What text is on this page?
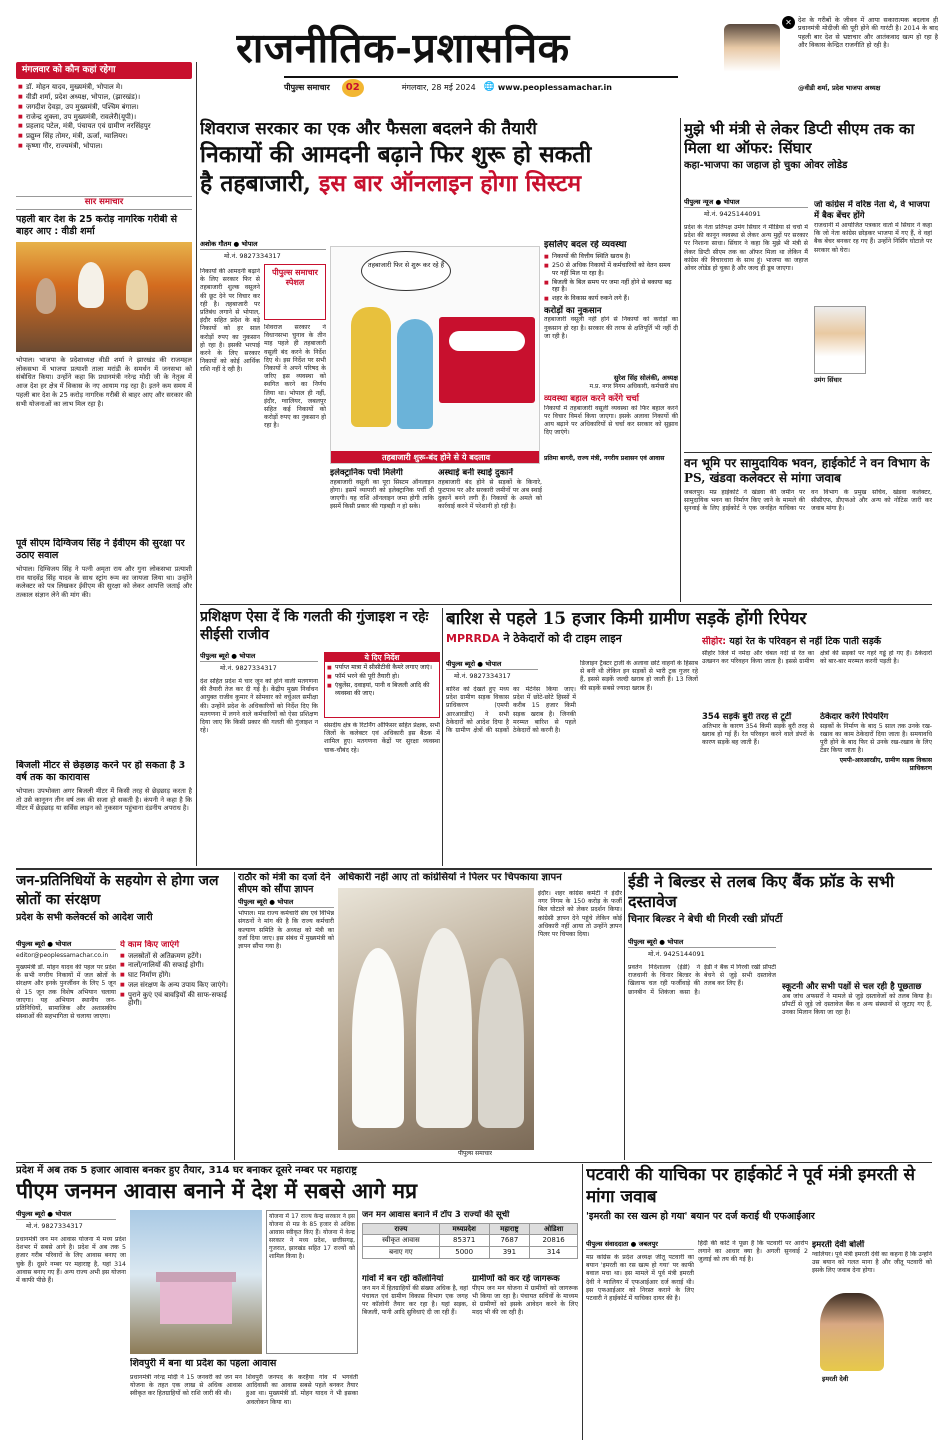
राजनीतिक-प्रशासनिक
पीपुल्स समाचार	02	मंगलवार, 28 मई 2024 🌐 www.peoplessamachar.in
✕ देश के गरीबों के जीवन में आया सकारात्मक बदलाव ही प्रधानमंत्री मोदीजी की पूरी होने की गारंटी है। 2014 के बाद पहली बार देश से भ्रष्टाचार और आतंकवाद खत्म हो रहा है और विकास केन्द्रित राजनीति हो रही है।
@वीडी शर्मा, प्रदेश भाजपा अध्यक्ष
मंगलवार को कौन कहां रहेगा
■ डॉ. मोहन यादव, मुख्यमंत्री, भोपाल मे।
■ वीडी शर्मा, प्रदेश अध्यक्ष, भोपाल, (झारखंड)।
■ जगदीश देवड़ा, उप मुख्यमंत्री, पश्चिम बंगाल।
■ राजेन्द्र शुक्ला, उप मुख्यमंत्री, रावलेरी(यूपी)।
■ प्रहलाद पटेल, मंत्री, पंचायत एवं ग्रामीण नरसिंहपुर
■ प्रद्युम्न सिंह तोमर, मंत्री, ऊर्जा, ग्वालियर।
■ कृष्णा गौर, राज्यमंत्री, भोपाल।
सार समाचार
पहली बार देश के 25 करोड़ नागरिक गरीबी से बाहर आए : वीडी शर्मा
भोपाल। भाजपा के प्रदेशाध्यक्ष वीडी शर्मा ने झारखंड की राजमहल लोकसभा में भाजपा प्रत्याशी ताला मरांडी के समर्थन में जनसभा को संबोधित किया। उन्होंने कहा कि प्रधानमंत्री नरेन्द्र मोदी जी के नेतृत्व में आज देश हर क्षेत्र में विकास के नए आयाम गढ़ रहा है। इतने कम समय में पहली बार देश के 25 करोड़ नागरिक गरीबी से बाहर आए और सरकार की सभी योजनाओं का लाभ मिल रहा है।
पूर्व सीएम दिग्विजय सिंह ने ईवीएम की सुरक्षा पर उठाए सवाल
भोपाल। दिग्विजय सिंह ने पत्नी अमृता राय और गुना लोकसभा प्रत्याशी राव यादवेंद्र सिंह यादव के साथ स्ट्रांग रूम का जायजा लिया था। उन्होंने कलेक्टर को पत्र लिखकर ईवीएम की सुरक्षा को लेकर आपत्ति जताई और तत्काल संज्ञान लेने की मांग की।
बिजली मीटर से छेड़छाड़ करने पर हो सकता है 3 वर्ष तक का कारावास
भोपाल। उपभोक्ता अगर बिजली मीटर में किसी तरह से छेड़छाड़ करता है तो उसे कानूनन तीन वर्ष तक की सजा हो सकती है। कंपनी ने कहा है कि मीटर में छेड़छाड़ या सर्विस लाइन को नुकसान पहुंचाना दंडनीय अपराध है।
शिवराज सरकार का एक और फैसला बदलने की तैयारी
निकायों की आमदनी बढ़ाने फिर शुरू हो सकती
है तहबाजारी, इस बार ऑनलाइन होगा सिस्टम
अशोक गौतम ● भोपाल
मो.नं. 9827334317
निकायों की आमदनी बढ़ाने के लिए सरकार फिर से तहबाजारी शुल्क वसूलने की छूट देने पर विचार कर रही है। तहबाजारी पर प्रतिबंध लगाने से भोपाल, इंदौर सहित प्रदेश के बड़े निकायों को हर साल करोड़ों रुपए का नुकसान हो रहा है। इसकी भरपाई करने के लिए सरकार निकायों को कोई आर्थिक राशि नहीं दे रही है।
शिवराज सरकार ने विधानसभा चुनाव के तीन माह पहले ही तहबाजारी वसूली बंद करने के निर्देश दिए थे। इस निर्देश पर सभी निकायों ने अपने परिषद के जरिए इस व्यवस्था को स्थगित करने का निर्णय लिया था। भोपाल ही नहीं, इंदौर, ग्वालियर, जबलपुर सहित कई निकायों को करोड़ों रुपए का नुकसान हो रहा है।
पीपुल्स समाचार स्पेशल
तहबाजारी फिर से शुरू कर रहे हैं
तहबाजारी शुरू-बंद होने से ये बदलाव
इसलिए बदल रहे व्यवस्था
■ निकायों की वित्तीय स्थिति खराब है।
■ 250 से अधिक निकायों में कर्मचारियों को वेतन समय पर नहीं मिल पा रहा है।
■ बिजली के बिल समय पर जमा नहीं होने से बकाया बढ़ रहा है।
■ शहर के विकास कार्य रुकने लगे हैं।
करोड़ों का नुकसान
तहबाजारी वसूली नहीं होने से निकायों को करोड़ों का नुकसान हो रहा है। सरकार की तरफ से क्षतिपूर्ति भी नहीं दी जा रही है।
सुरेश सिंह सोलंकी, अध्यक्ष
म.प्र. नगर निगम अधिकारी, कर्मचारी संघ
व्यवस्था बहाल करने करेंगे चर्चा
निकायों में तहबाजारी वसूली व्यवस्था को फिर बहाल करने पर विचार विमर्श किया जाएगा। इसके अलावा निकायों की आय बढ़ाने पर अधिकारियों से चर्चा कर सरकार को सुझाव दिए जाएंगे।
प्रतिमा बागरी, राज्य मंत्री, नगरीय प्रशासन एवं आवास
इलेक्ट्रानिक पर्ची मिलेगी
तहबाजारी वसूली का पूरा सिस्टम ऑनलाइन होगा। इसमें व्यापारी को इलेक्ट्रानिक पर्ची दी जाएगी। यह राशि ऑनलाइन जमा होगी ताकि इसमें किसी प्रकार की गड़बड़ी न हो सके।
अस्थाई बनी स्थाई दुकानें
तहबाजारी बंद होने से सड़कों के किनारे, फुटपाथ पर और सरकारी जमीनों पर अब स्थाई दुकानें बनने लगी हैं। निकायों के अमले को कार्रवाई करने में परेशानी हो रही है।
मुझे भी मंत्री से लेकर डिप्टी सीएम तक का मिला था ऑफर: सिंघार
कहा-भाजपा का जहाज हो चुका ओवर लोडेड
पीपुल्स न्यूज ● भोपाल
मो.नं. 9425144091
प्रदेश के नेता प्रतिपक्ष उमंग सिंघार ने मीडिया से चर्चा में प्रदेश की कानून व्यवस्था से लेकर अन्य मुद्दों पर सरकार पर निशाना साधा। सिंघार ने कहा कि मुझे भी मंत्री से लेकर डिप्टी सीएम तक का ऑफर मिला था लेकिन मैं कांग्रेस की विचारधारा के साथ हूं। भाजपा का जहाज ओवर लोडेड हो चुका है और जल्द ही डूब जाएगा।
जो कांग्रेस में वरिष्ठ नेता थे, वे भाजपा में बैक बेंचर होंगे
राजधानी में आयोजित पत्रकार वार्ता में सिंघार ने कहा कि जो नेता कांग्रेस छोड़कर भाजपा में गए हैं, वे वहां बैक बेंचर बनकर रह गए हैं। उन्होंने निर्सिंग घोटाले पर सरकार को घेरा।
उमंग सिंघार
वन भूमि पर सामुदायिक भवन, हाईकोर्ट ने वन विभाग के PS, खंडवा कलेक्टर से मांगा जवाब
जबलपुर। मप्र हाईकोर्ट ने खंडवा की जमीन पर सामुदायिक भवन का निर्माण किए जाने के मामले की सुनवाई के लिए हाईकोर्ट ने एक जनहित याचिका पर वन विभाग के प्रमुख सचिव, खंडवा कलेक्टर, सीसीएफ, डीएफओ और अन्य को नोटिस जारी कर जवाब मांगा है।
प्रशिक्षण ऐसा दें कि गलती की गुंजाइश न रहेः सीईसी राजीव
पीपुल्स ब्यूरो ● भोपाल
मो.नं. 9827334317
देश सहित प्रदेश में चार जून को होने वाली मतगणना की तैयारी तेज कर दी गई है। केंद्रीय मुख्य निर्वाचन आयुक्त राजीव कुमार ने सोमवार को वर्चुअल समीक्षा की। उन्होंने प्रदेश के अधिकारियों को निर्देश दिए कि मतगणना में लगने वाले कर्मचारियों को ऐसा प्रशिक्षण दिया जाए कि किसी प्रकार की गलती की गुंजाइश न रहे।
ये दिए निर्देश
■ पर्याप्त मात्रा में सीसीटीवी कैमरे लगाए जाएं।
■ फॉर्म भरने की पूरी तैयारी हो।
■ एंबुलेंस, दवाइयां, पानी व बिजली आदि की व्यवस्था की जाए।
संसदीय क्षेत्र के रिटर्निंग ऑफिसर सहित प्रेक्षक, सभी जिलों के कलेक्टर एवं अधिकारी इस बैठक में शामिल हुए। मतगणना केंद्रों पर सुरक्षा व्यवस्था चाक-चौबंद रहे।
बारिश से पहले 15 हजार किमी ग्रामीण सड़कें होंगी रिपेयर
MPRRDA ने ठेकेदारों को दी टाइम लाइन
पीपुल्स ब्यूरो ● भोपाल
मो.नं. 9827334317
बारिश को देखते हुए मध्य प्रदेश ग्रामीण सड़क विकास प्राधिकरण (एमपी आरआरडीए) ने सभी ठेकेदारों को आदेश दिया है कि ग्रामीण क्षेत्रों की सड़कों का मेंटेनेंस किया जाए। प्रदेश में छोटे-छोटे हिस्सों में करीब 15 हजार किमी सड़क खराब है। जिनकी मरम्मत बारिश से पहले ठेकेदारों को करनी है।
डिजाइन ट्रैक्टर ट्राली के अलावा छोटे वाहनों के हिसाब से बनी थी लेकिन इन सड़कों से भारी ट्रक गुजर रहे हैं, इससे सड़कें जल्दी खराब हो जाती हैं। 13 जिलों की सड़कें सबसे ज्यादा खराब हैं।
सीहोर: यहां रेत के परिवहन से नहीं टिक पाती सड़कें
सीहोर जिले में नर्मदा और चंबल नदी से रेत का उत्खनन कर परिवहन किया जाता है। इससे ग्रामीण क्षेत्रों की सड़कों पर गहरे गड्ढे हो गए हैं। ठेकेदारों को बार-बार मरम्मत करनी पड़ती है।
354 सड़कें बुरी तरह से टूटीं
अतिभार के कारण 354 किमी सड़कें बुरी तरह से खराब हो गई हैं। रेत परिवहन करने वाले डंपरों के कारण सड़कें बह जाती हैं।
ठेकेदार करेंगे रिपेयरिंग
सड़कों के निर्माण के बाद 5 साल तक उनके रख-रखाव का काम ठेकेदारों दिया जाता है। समयावधि पूरी होने के बाद फिर से उनके रख-रखाव के लिए टेंडर किया जाता है।
एमपी-आरआरडीए, ग्रामीण सड़क विकास प्राधिकरण
जन-प्रतिनिधियों के सहयोग से होगा जल स्रोतों का संरक्षण
प्रदेश के सभी कलेक्टर्स को आदेश जारी
पीपुल्स ब्यूरो ● भोपाल
editor@peoplessamachar.co.in
मुख्यमंत्री डॉ. मोहन यादव की पहल पर प्रदेश के सभी नगरीय निकायों में जल स्रोतों के संरक्षण और इनके पुनर्जीवन के लिए 5 जून से 15 जून तक विशेष अभियान चलाया जाएगा। यह अभियान स्थानीय जन-प्रतिनिधियों, सामाजिक और अशासकीय संस्थाओं की सहभागिता से चलाया जाएगा।
ये काम किए जाएंगे
■ जलस्रोतों से अतिक्रमण हटेंगे।
■ नालों/नालियों की सफाई होगी।
■ घाट निर्माण होंगे।
■ जल संरक्षण के अन्य उपाय किए जाएंगे।
■ पुराने कुएं एवं बावड़ियों की साफ-सफाई होगी।
राठौर को मंत्री का दर्जा देने सीएम को सौंपा ज्ञापन
पीपुल्स ब्यूरो ● भोपाल
भोपाल। मप्र राज्य कर्मचारी संघ एवं विभिन्न संगठनों ने मांग की है कि राज्य कर्मचारी कल्याण समिति के अध्यक्ष को मंत्री का दर्जा दिया जाए। इस संबंध में मुख्यमंत्री को ज्ञापन सौंपा गया है।
अधिकारी नहीं आए तो कांग्रेसियों ने पिलर पर चिपकाया ज्ञापन
इंदौर। शहर कांग्रेस कमेटी ने इंदौर नगर निगम के 150 करोड़ के फर्जी बिल घोटाले को लेकर प्रदर्शन किया। कांग्रेसी ज्ञापन देने पहुंचे लेकिन कोई अधिकारी नहीं आया तो उन्होंने ज्ञापन पिलर पर चिपका दिया।
पीपुल्स समाचार
ईडी ने बिल्डर से तलब किए बैंक फ्रॉड के सभी दस्तावेज
चिनार बिल्डर ने बेची थी गिरवी रखी प्रॉपर्टी
पीपुल्स ब्यूरो ● भोपाल
मो.नं. 9425144091
प्रवर्तन निदेशालय (ईडी) ने राजधानी के चिनार बिल्डर के खिलाफ चल रही फर्जीवाड़े की छानबीन में शिकंजा कसा है। ईडी ने बैंक में गिरवी रखी प्रॉपर्टी बेचने से जुड़े सभी दस्तावेज तलब कर लिए हैं।	स्कूटनी और सभी पक्षों से चल रही है पूछताछ
अब जांच अफसरों ने मामले से जुड़े दस्तावेजों को तलब किया है। प्रॉपर्टी से जुड़े जो दस्तावेज बैंक व अन्य संस्थानों से जुटाए गए हैं, उनका मिलान किया जा रहा है।
प्रदेश में अब तक 5 हजार आवास बनकर हुए तैयार, 314 घर बनाकर दूसरे नम्बर पर महाराष्ट्र
पीएम जनमन आवास बनाने में देश में सबसे आगे मप्र
पीपुल्स ब्यूरो ● भोपाल
मो.नं. 9827334317
प्रधानमंत्री जन मन आवास योजना में मध्य प्रदेश देशभर में सबसे आगे है। प्रदेश में अब तक 5 हजार गरीब परिवारों के लिए आवास बनाए जा चुके हैं। दूसरे नम्बर पर महाराष्ट्र है, यहां 314 आवास बनाए गए हैं। अन्य राज्य अभी इस योजना में काफी पीछे हैं।
योजना में 17 राज्य केन्द्र सरकार ने इस योजना से मप्र के 85 हजार से अधिक आवास स्वीकृत किए हैं। योजना में केन्द्र सरकार ने मध्य प्रदेश, छत्तीसगढ़, गुजरात, झारखंड सहित 17 राज्यों को शामिल किया है।
शिवपुरी में बना था प्रदेश का पहला आवास
प्रधानमंत्री नरेन्द्र मोदी ने 15 जनवरी को जन मन योजना के तहत एक लाख से अधिक आवास स्वीकृत कर हितग्राहियों को राशि जारी की थी।
शिवपुरी जनपद के करहैया गांव में भगवंती आदिवासी का आवास सबसे पहले बनकर तैयार हुआ था। मुख्यमंत्री डॉ. मोहन यादव ने भी इसका अवलोकन किया था।
जन मन आवास बनाने में टॉप 3 राज्यों की सूची
राज्य	मध्यप्रदेश	महाराष्ट्र	ओडिशा
स्वीकृत आवास	85371	7687	20816
बनाए गए	5000	391	314
गांवों में बन रही कॉलोनियां
जन मन में हितग्राहियों की संख्या अधिक है, वहां पंचायत एवं ग्रामीण विकास विभाग एक जगह पर कॉलोनी तैयार कर रहा है। यहां सड़क, बिजली, पानी आदि सुविधाएं दी जा रही हैं।
ग्रामीणों को कर रहे जागरूक
पीएम जन मन योजना में ग्रामीणों को जागरूक भी किया जा रहा है। पंचायत सचिवों के माध्यम से ग्रामीणों को इसके आवेदन करने के लिए मदद भी की जा रही है।
पटवारी की याचिका पर हाईकोर्ट ने पूर्व मंत्री इमरती से मांगा जवाब
'इमरती का रस खत्म हो गया' बयान पर दर्ज कराई थी एफआईआर
पीपुल्स संवाददाता ● जबलपुर
मप्र कांग्रेस के प्रदेश अध्यक्ष जीतू पटवारी का बयान 'इमरती का रस खत्म हो गया' पर काफी बवाल मचा था। इस मामले में पूर्व मंत्री इमरती देवी ने ग्वालियर में एफआईआर दर्ज कराई थी। इस एफआईआर को निरस्त कराने के लिए पटवारी ने हाईकोर्ट में याचिका दायर की है।
हिंदी की कोर्ट ने पूछा है कि पटवारी पर आरोप लगाने का आधार क्या है। अगली सुनवाई 2 जुलाई को तय की गई है।
इमरती देवी बोलीं
ग्वालियर। पूर्व मंत्री इमरती देवी का कहना है कि उन्होंने उस बयान को गलत माना है और जीतू पटवारी को इसके लिए जवाब देना होगा।
इमरती देवी
